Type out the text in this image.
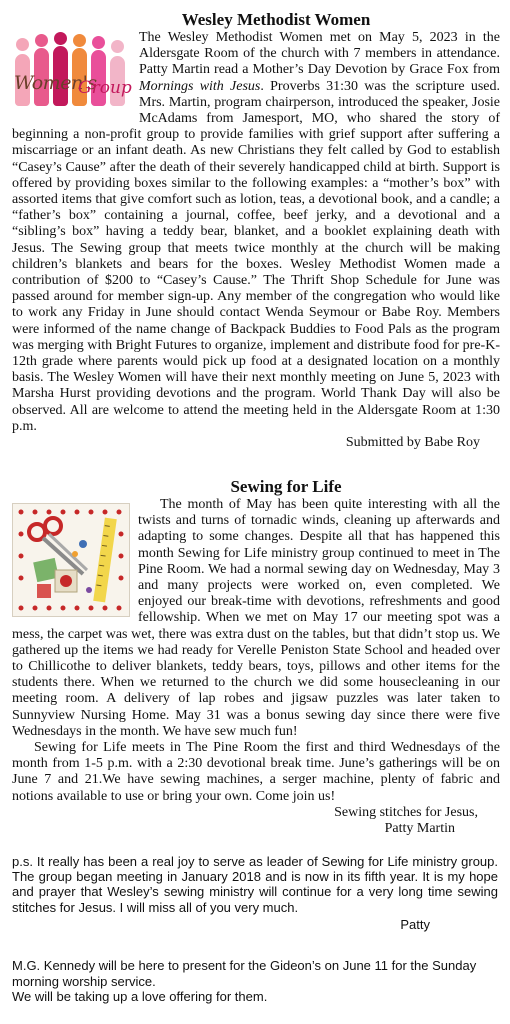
Wesley Methodist Women
Women's
Group

The Wesley Methodist Women met on May 5, 2023 in the Aldersgate Room of the church with 7 members in attendance. Patty Martin read a Mother’s Day Devotion by Grace Fox from Mornings with Jesus. Proverbs 31:30 was the scripture used. Mrs. Martin, program chairperson, introduced the speaker, Josie McAdams from Jamesport, MO, who shared the story of beginning a non-profit group to provide families with grief support after suffering a miscarriage or an infant death. As new Christians they felt called by God to establish “Casey’s Cause” after the death of their severely handicapped child at birth. Support is offered by providing boxes similar to the following examples: a “mother’s box” with assorted items that give comfort such as lotion, teas, a devotional book, and a candle; a “father’s box” containing a journal, coffee, beef jerky, and a devotional and a “sibling’s box” having a teddy bear, blanket, and a booklet explaining death with Jesus. The Sewing group that meets twice monthly at the church will be making children’s blankets and bears for the boxes. Wesley Methodist Women made a contribution of $200 to “Casey’s Cause.” The Thrift Shop Schedule for June was passed around for member sign-up. Any member of the congregation who would like to work any Friday in June should contact Wenda Seymour or Babe Roy. Members were informed of the name change of Backpack Buddies to Food Pals as the program was merging with Bright Futures to organize, implement and distribute food for pre-K-12th grade where parents would pick up food at a designated location on a monthly basis. The Wesley Women will have their next monthly meeting on June 5, 2023 with Marsha Hurst providing devotions and the program. World Thank Day will also be observed. All are welcome to attend the meeting held in the Aldersgate Room at 1:30 p.m.

Submitted by Babe Roy

Sewing for Life

The month of May has been quite interesting with all the twists and turns of tornadic winds, cleaning up afterwards and adapting to some changes. Despite all that has happened this month Sewing for Life ministry group continued to meet in The Pine Room. We had a normal sewing day on Wednesday, May 3 and many projects were worked on, even completed. We enjoyed our break-time with devotions, refreshments and good fellowship. When we met on May 17 our meeting spot was a mess, the carpet was wet, there was extra dust on the tables, but that didn’t stop us. We gathered up the items we had ready for Verelle Peniston State School and headed over to Chillicothe to deliver blankets, teddy bears, toys, pillows and other items for the students there. When we returned to the church we did some housecleaning in our meeting room. A delivery of lap robes and jigsaw puzzles was later taken to Sunnyview Nursing Home. May 31 was a bonus sewing day since there were five Wednesdays in the month. We have sew much fun!

Sewing for Life meets in The Pine Room the first and third Wednesdays of the month from 1-5 p.m. with a 2:30 devotional break time. June’s gatherings will be on June 7 and 21.We have sewing machines, a serger machine, plenty of fabric and notions available to use or bring your own. Come join us!

Sewing stitches for Jesus,

Patty Martin

p.s. It really has been a real joy to serve as leader of Sewing for Life ministry group. The group began meeting in January 2018 and is now in its fifth year. It is my hope and prayer that Wesley’s sewing ministry will continue for a very long time sewing stitches for Jesus. I will miss all of you very much.

Patty

M.G. Kennedy will be here to present for the Gideon’s on June 11 for the Sunday morning worship service.

We will be taking up a love offering for them.
